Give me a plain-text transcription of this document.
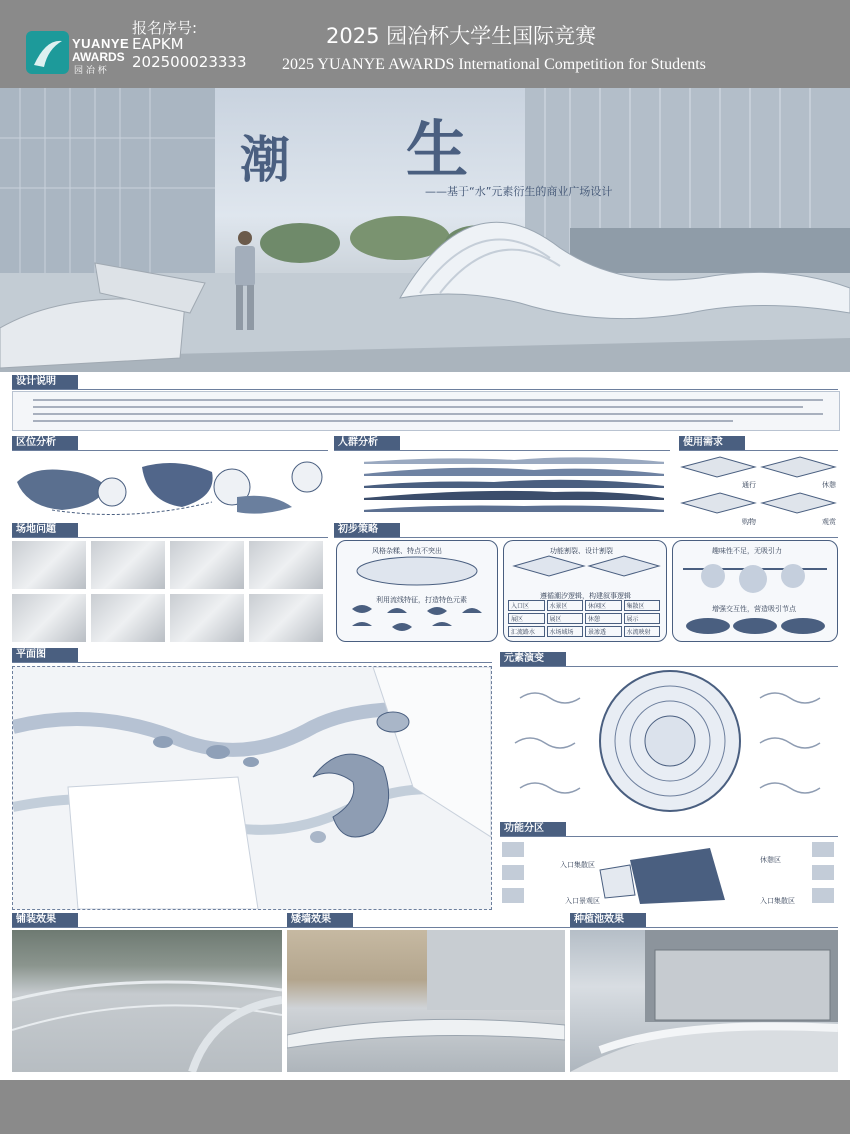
YUANYE
AWARDS
园 冶 杯
报名序号:
EAPKM
202500023333
2025 园冶杯大学生国际竞赛
2025 YUANYE AWARDS International Competition for Students
潮 生
——基于“水”元素衍生的商业广场设计
设计说明
区位分析	人群分析	使用需求
通行	休憩
购物	观赏
场地问题	初步策略
风格杂糅、特点不突出
利用流线特征，打造特色元素
功能割裂、设计割裂
遵循潮汐逻辑，构建叙事逻辑
入口区	水景区	休闲区	集散区
展区	展区	休憩	展示
汇流路水	水场域场	景渗透	水流映射
趣味性不足，无吸引力
增强交互性，营造吸引节点
平面图	元素演变
功能分区
入口集散区
休憩区
入口景观区	入口集散区
铺装效果	矮墙效果	种植池效果
